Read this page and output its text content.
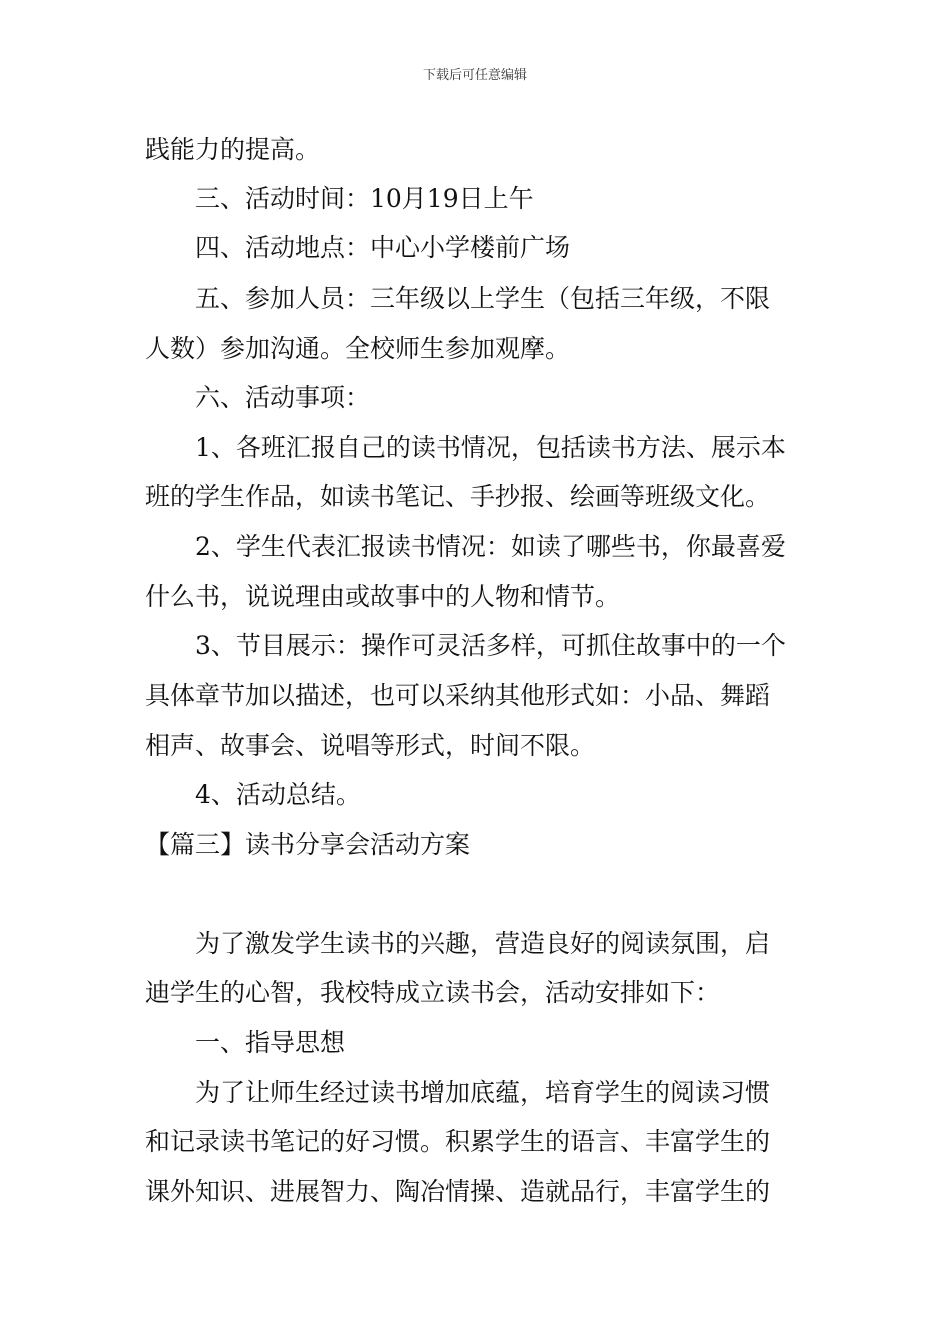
下载后可任意编辑
践能力的提高。
三、活动时间：10月19日上午
四、活动地点：中心小学楼前广场
五、参加人员：三年级以上学生（包括三年级，不限
人数）参加沟通。全校师生参加观摩。
六、活动事项：
1、各班汇报自己的读书情况，包括读书方法、展示本
班的学生作品，如读书笔记、手抄报、绘画等班级文化。
2、学生代表汇报读书情况：如读了哪些书，你最喜爱
什么书，说说理由或故事中的人物和情节。
3、节目展示：操作可灵活多样，可抓住故事中的一个
具体章节加以描述，也可以采纳其他形式如：小品、舞蹈
相声、故事会、说唱等形式，时间不限。
4、活动总结。
【篇三】读书分享会活动方案
为了激发学生读书的兴趣，营造良好的阅读氛围，启
迪学生的心智，我校特成立读书会，活动安排如下：
一、指导思想
为了让师生经过读书增加底蕴，培育学生的阅读习惯
和记录读书笔记的好习惯。积累学生的语言、丰富学生的
课外知识、进展智力、陶冶情操、造就品行，丰富学生的
